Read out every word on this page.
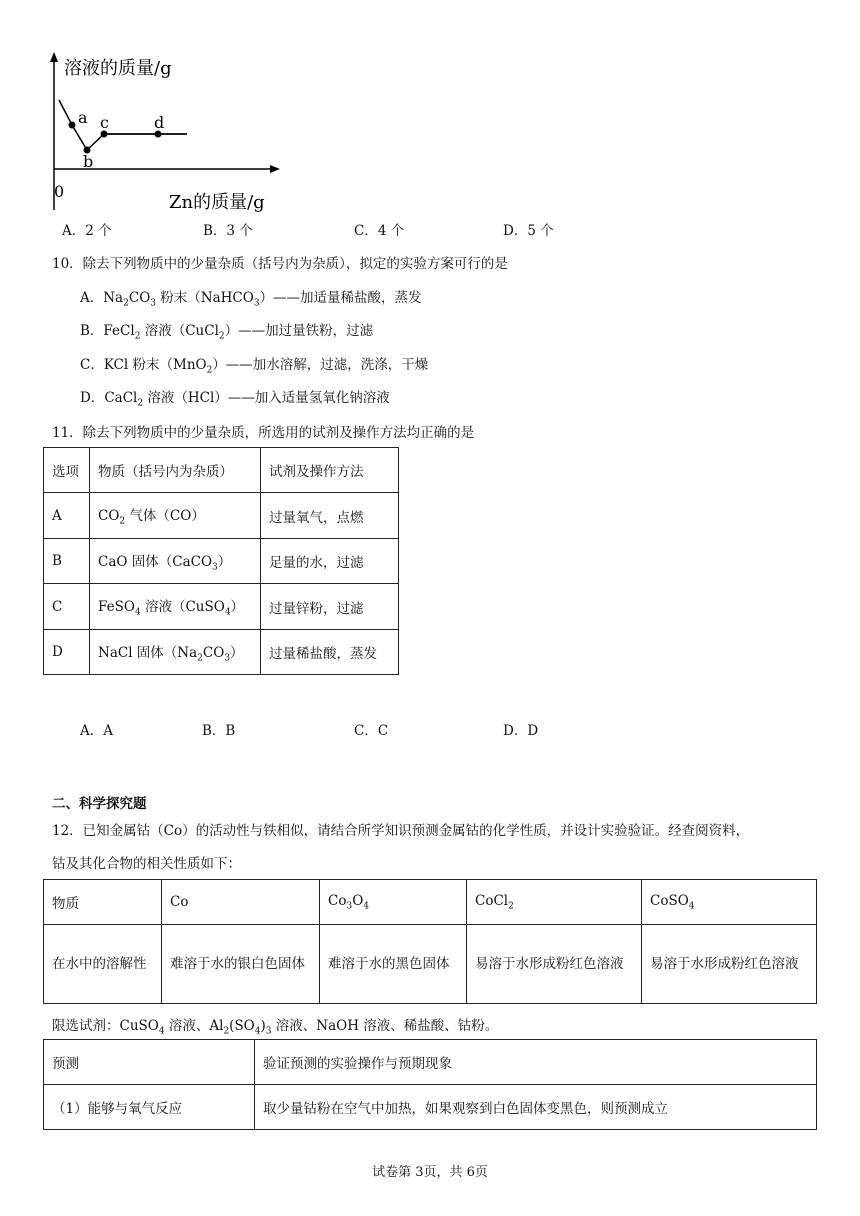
溶液的质量/g
Zn的质量/g
0
a
b
c	d
A．2 个	B．3 个	C．4 个	D．5 个
10．除去下列物质中的少量杂质（括号内为杂质），拟定的实验方案可行的是
A．$Na_2CO_3$ 粉末（NaHCO$_3$）——加适量稀盐酸，蒸发
B．FeCl$_2$ 溶液（CuCl$_2$）——加过量铁粉，过滤
C．KCl 粉末（MnO$_2$）——加水溶解，过滤，洗涤，干燥
D．CaCl$_2$ 溶液（HCl）——加入适量氢氧化钠溶液
11．除去下列物质中的少量杂质，所选用的试剂及操作方法均正确的是
选项	物质（括号内为杂质）	试剂及操作方法
A	$CO_2$ 气体（CO）	过量氧气，点燃
B	CaO 固体（CaCO$_3$）	足量的水，过滤
C	FeSO$_4$ 溶液（CuSO$_4$）	过量锌粉，过滤
D	NaCl 固体$(Na_2CO_3)$	过量稀盐酸，蒸发
A．A	B．B	C．C	D．D
二、科学探究题
12．已知金属钴（Co）的活动性与铁相似，请结合所学知识预测金属钴的化学性质，并设计实验验证。经查阅资料，
钴及其化合物的相关性质如下：
物质	Co	$Co_3O_4$	CoCl$_2$	CoSO$_4$
在水中的溶解性	难溶于水的银白色固体	难溶于水的黑色固体	易溶于水形成粉红色溶液	易溶于水形成粉红色溶液
限选试剂：CuSO$_4$ 溶液、$Al_2(SO_4)_3$ 溶液、NaOH 溶液、稀盐酸、钴粉。
预测	验证预测的实验操作与预期现象
（1）能够与氧气反应	取少量钴粉在空气中加热，如果观察到白色固体变黑色，则预测成立
试卷第 3页，共 6页
